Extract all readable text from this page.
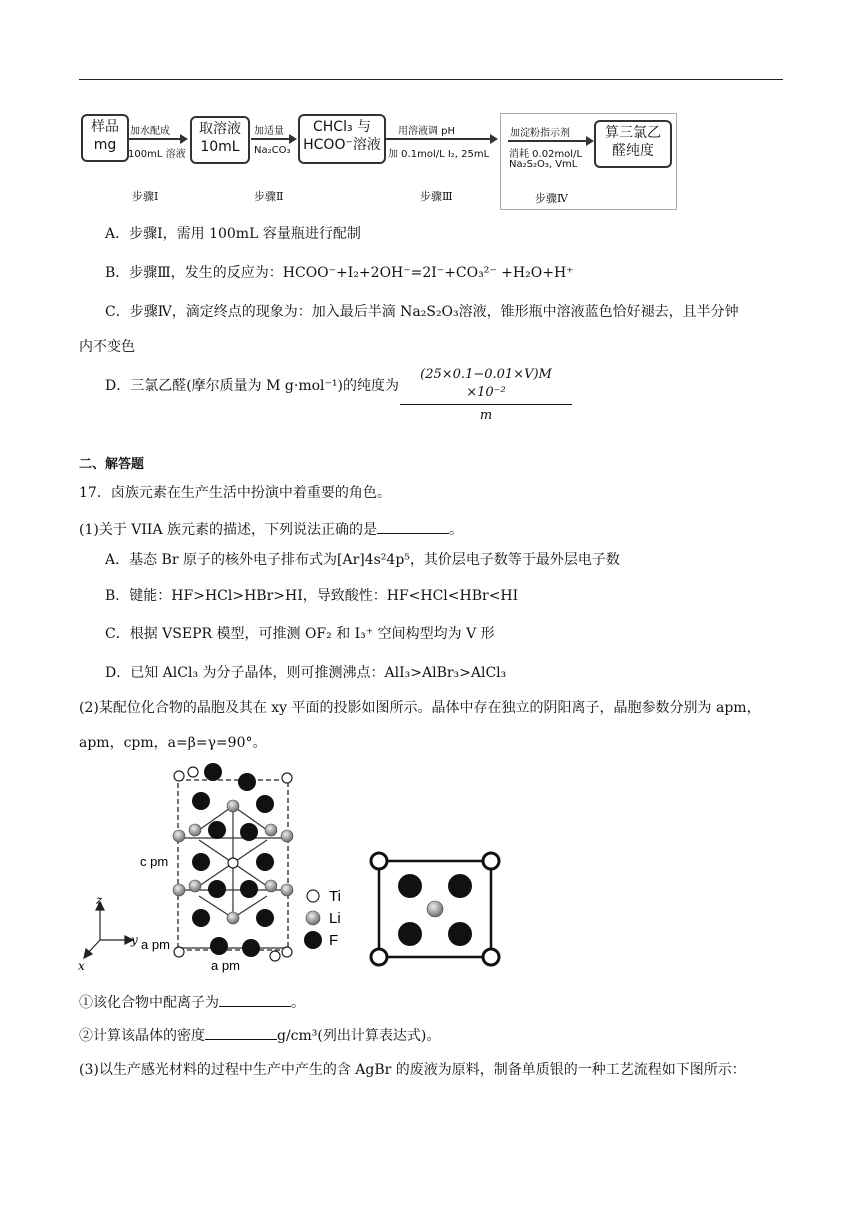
样品
mg
加水配成
100mL 溶液
取溶液
10mL
加适量
Na₂CO₃
CHCl₃ 与
HCOO⁻溶液
用溶液调 pH
加 0.1mol/L I₂, 25mL
加淀粉指示剂
消耗 0.02mol/L
Na₂S₂O₃, VmL
算三氯乙
醛纯度
步骤Ⅰ	步骤Ⅱ	步骤Ⅲ	步骤Ⅳ
A．步骤Ⅰ，需用 100mL 容量瓶进行配制
B．步骤Ⅲ，发生的反应为：HCOO⁻+I₂+2OH⁻=2I⁻+CO₃²⁻ +H₂O+H⁺
C．步骤Ⅳ，滴定终点的现象为：加入最后半滴 Na₂S₂O₃溶液，锥形瓶中溶液蓝色恰好褪去，且半分钟
内不变色
D．三氯乙醛(摩尔质量为 M g·mol⁻¹)的纯度为
(25×0.1−0.01×V)M ×10⁻²
m
二、解答题
17．卤族元素在生产生活中扮演中着重要的角色。
(1)关于 VIIA 族元素的描述，下列说法正确的是	。
A．基态 Br 原子的核外电子排布式为[Ar]4s²4p⁵，其价层电子数等于最外层电子数
B．键能：HF>HCl>HBr>HI，导致酸性：HF<HCl<HBr<HI
C．根据 VSEPR 模型，可推测 OF₂ 和 I₃⁺ 空间构型均为 V 形
D．已知 AlCl₃ 为分子晶体，则可推测沸点：AlI₃>AlBr₃>AlCl₃
(2)某配位化合物的晶胞及其在 xy 平面的投影如图所示。晶体中存在独立的阴阳离子，晶胞参数分别为 apm，
apm，cpm，a=β=γ=90°。
z
y
x
c pm
a pm
a pm
Ti
Li
F
①该化合物中配离子为	。
②计算该晶体的密度	g/cm³(列出计算表达式)。
(3)以生产感光材料的过程中生产中产生的含 AgBr 的废液为原料，制备单质银的一种工艺流程如下图所示：
